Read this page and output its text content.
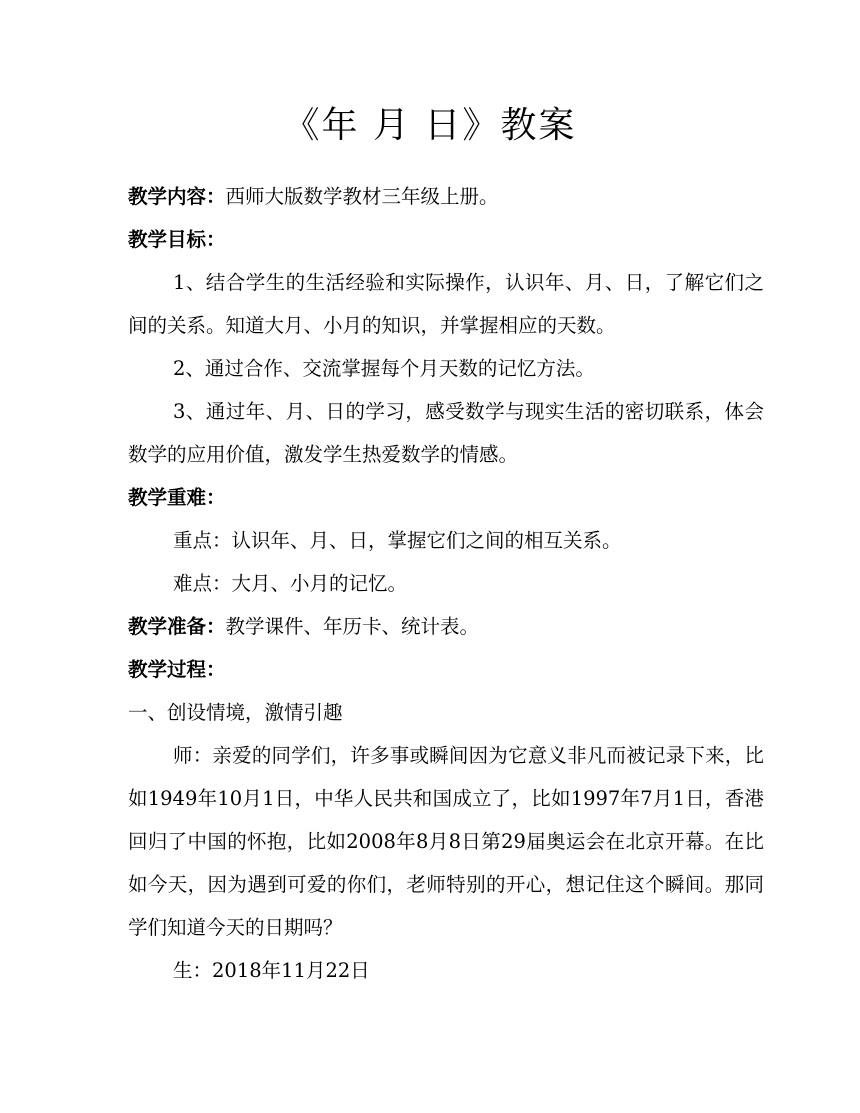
《年 月 日》教案

教学内容：西师大版数学教材三年级上册。

教学目标：

1、结合学生的生活经验和实际操作，认识年、月、日，了解它们之间的关系。知道大月、小月的知识，并掌握相应的天数。

2、通过合作、交流掌握每个月天数的记忆方法。

3、通过年、月、日的学习，感受数学与现实生活的密切联系，体会数学的应用价值，激发学生热爱数学的情感。

教学重难：

重点：认识年、月、日，掌握它们之间的相互关系。

难点：大月、小月的记忆。

教学准备：教学课件、年历卡、统计表。

教学过程：

一、创设情境，激情引趣

师：亲爱的同学们，许多事或瞬间因为它意义非凡而被记录下来，比如1949年10月1日，中华人民共和国成立了，比如1997年7月1日，香港回归了中国的怀抱，比如2008年8月8日第29届奥运会在北京开幕。在比如今天，因为遇到可爱的你们，老师特别的开心，想记住这个瞬间。那同学们知道今天的日期吗？

生：2018年11月22日
